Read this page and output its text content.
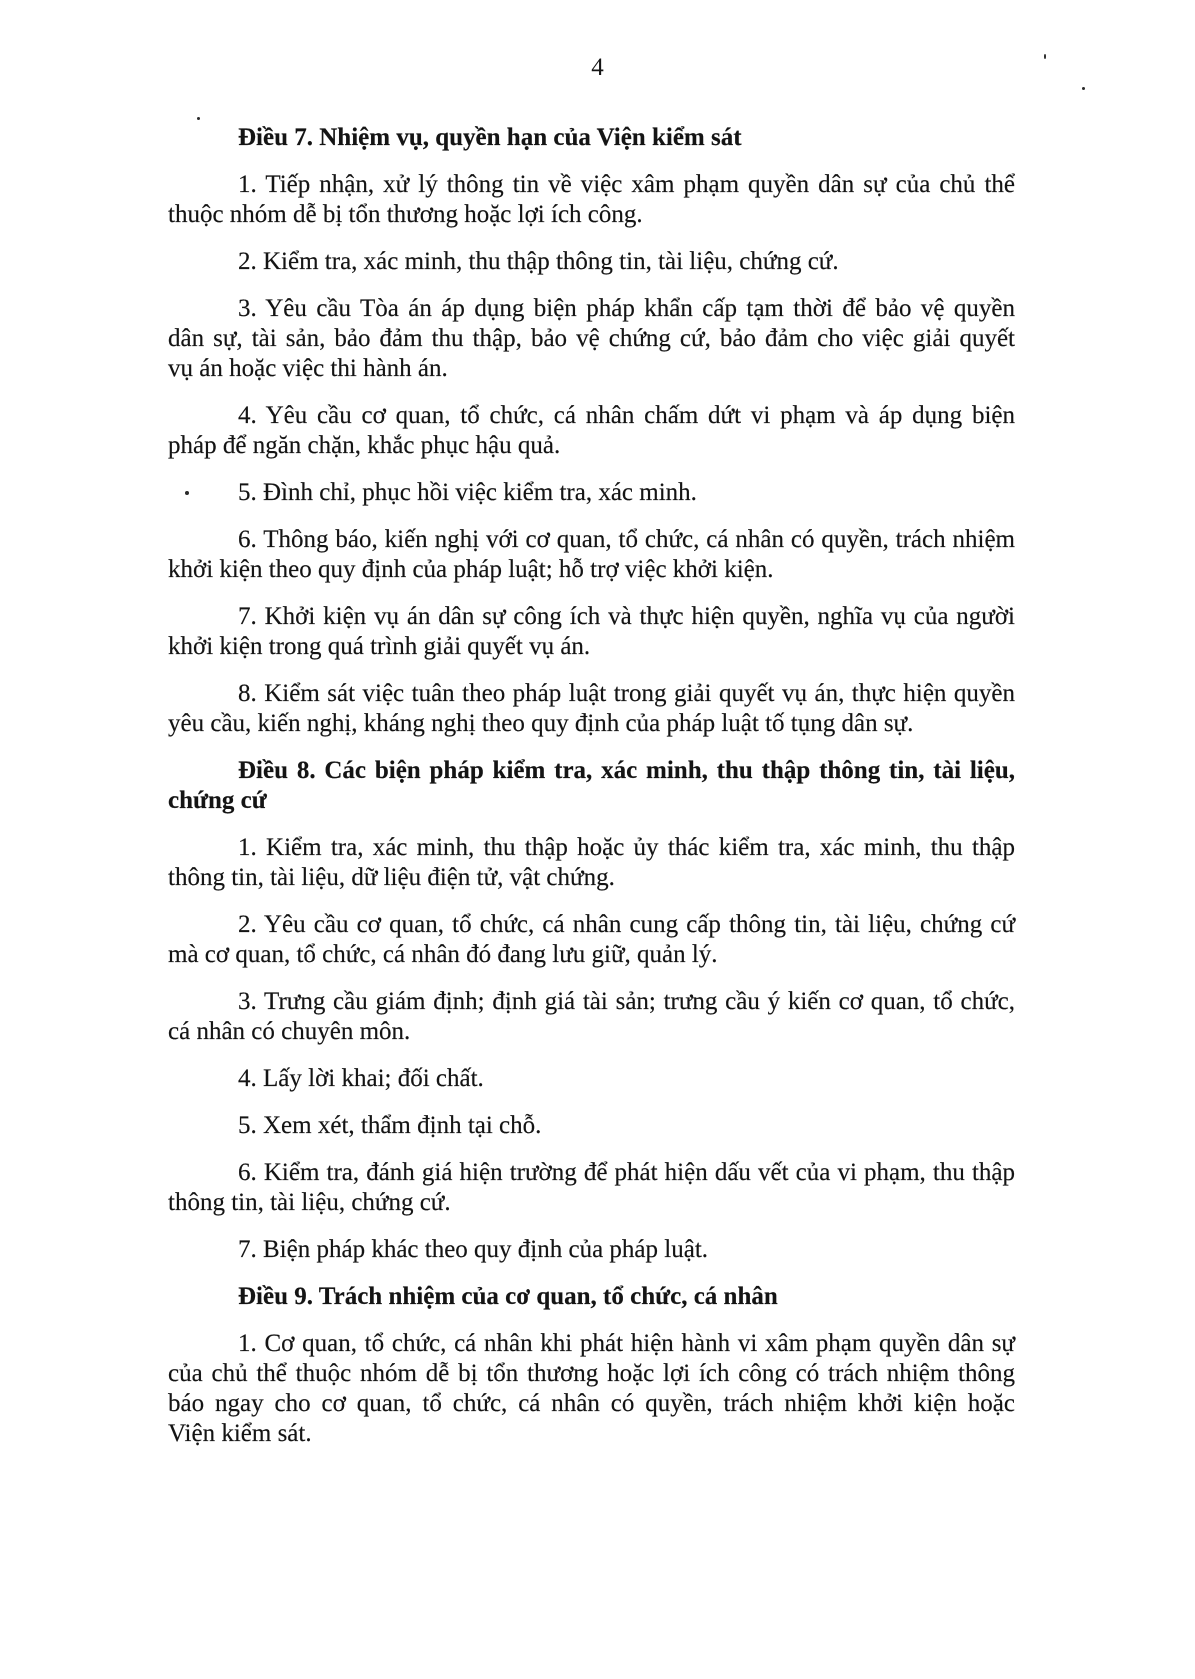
4
Điều 7. Nhiệm vụ, quyền hạn của Viện kiểm sát
1. Tiếp nhận, xử lý thông tin về việc xâm phạm quyền dân sự của chủ thể
thuộc nhóm dễ bị tổn thương hoặc lợi ích công.
2. Kiểm tra, xác minh, thu thập thông tin, tài liệu, chứng cứ.
3. Yêu cầu Tòa án áp dụng biện pháp khẩn cấp tạm thời để bảo vệ quyền
dân sự, tài sản, bảo đảm thu thập, bảo vệ chứng cứ, bảo đảm cho việc giải quyết
vụ án hoặc việc thi hành án.
4. Yêu cầu cơ quan, tổ chức, cá nhân chấm dứt vi phạm và áp dụng biện
pháp để ngăn chặn, khắc phục hậu quả.
5. Đình chỉ, phục hồi việc kiểm tra, xác minh.
6. Thông báo, kiến nghị với cơ quan, tổ chức, cá nhân có quyền, trách nhiệm
khởi kiện theo quy định của pháp luật; hỗ trợ việc khởi kiện.
7. Khởi kiện vụ án dân sự công ích và thực hiện quyền, nghĩa vụ của người
khởi kiện trong quá trình giải quyết vụ án.
8. Kiểm sát việc tuân theo pháp luật trong giải quyết vụ án, thực hiện quyền
yêu cầu, kiến nghị, kháng nghị theo quy định của pháp luật tố tụng dân sự.
Điều 8. Các biện pháp kiểm tra, xác minh, thu thập thông tin, tài liệu,
chứng cứ
1. Kiểm tra, xác minh, thu thập hoặc ủy thác kiểm tra, xác minh, thu thập
thông tin, tài liệu, dữ liệu điện tử, vật chứng.
2. Yêu cầu cơ quan, tổ chức, cá nhân cung cấp thông tin, tài liệu, chứng cứ
mà cơ quan, tổ chức, cá nhân đó đang lưu giữ, quản lý.
3. Trưng cầu giám định; định giá tài sản; trưng cầu ý kiến cơ quan, tổ chức,
cá nhân có chuyên môn.
4. Lấy lời khai; đối chất.
5. Xem xét, thẩm định tại chỗ.
6. Kiểm tra, đánh giá hiện trường để phát hiện dấu vết của vi phạm, thu thập
thông tin, tài liệu, chứng cứ.
7. Biện pháp khác theo quy định của pháp luật.
Điều 9. Trách nhiệm của cơ quan, tổ chức, cá nhân
1. Cơ quan, tổ chức, cá nhân khi phát hiện hành vi xâm phạm quyền dân sự
của chủ thể thuộc nhóm dễ bị tổn thương hoặc lợi ích công có trách nhiệm thông
báo ngay cho cơ quan, tổ chức, cá nhân có quyền, trách nhiệm khởi kiện hoặc
Viện kiểm sát.
